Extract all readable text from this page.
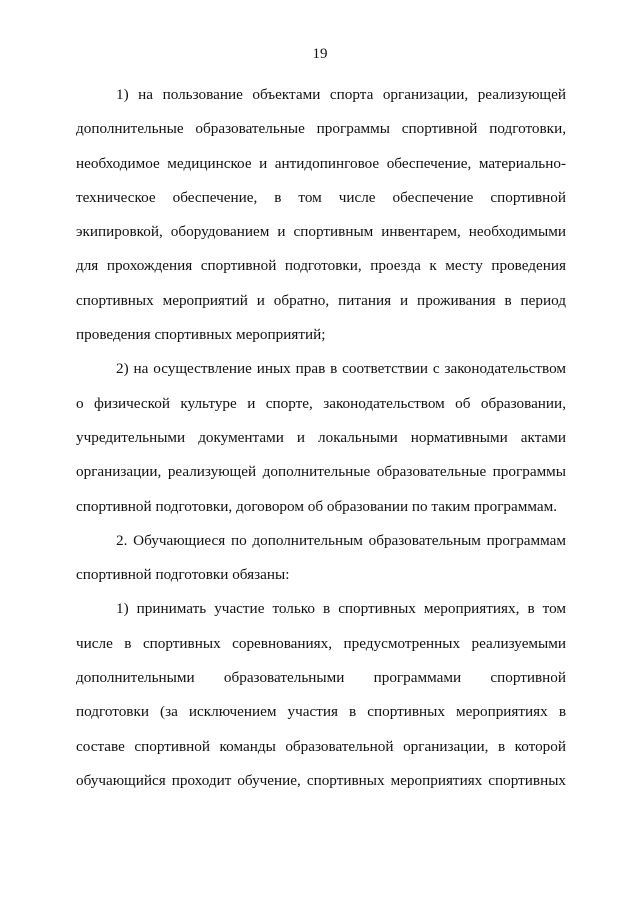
19
1) на пользование объектами спорта организации, реализующей
дополнительные образовательные программы спортивной подготовки,
необходимое медицинское и антидопинговое обеспечение, материально-
техническое обеспечение, в том числе обеспечение спортивной
экипировкой, оборудованием и спортивным инвентарем, необходимыми
для прохождения спортивной подготовки, проезда к месту проведения
спортивных мероприятий и обратно, питания и проживания в период
проведения спортивных мероприятий;
2) на осуществление иных прав в соответствии с законодательством
о физической культуре и спорте, законодательством об образовании,
учредительными документами и локальными нормативными актами
организации, реализующей дополнительные образовательные программы
спортивной подготовки, договором об образовании по таким программам.
2. Обучающиеся по дополнительным образовательным программам
спортивной подготовки обязаны:
1) принимать участие только в спортивных мероприятиях, в том
числе в спортивных соревнованиях, предусмотренных реализуемыми
дополнительными образовательными программами спортивной
подготовки (за исключением участия в спортивных мероприятиях в
составе спортивной команды образовательной организации, в которой
обучающийся проходит обучение, спортивных мероприятиях спортивных
